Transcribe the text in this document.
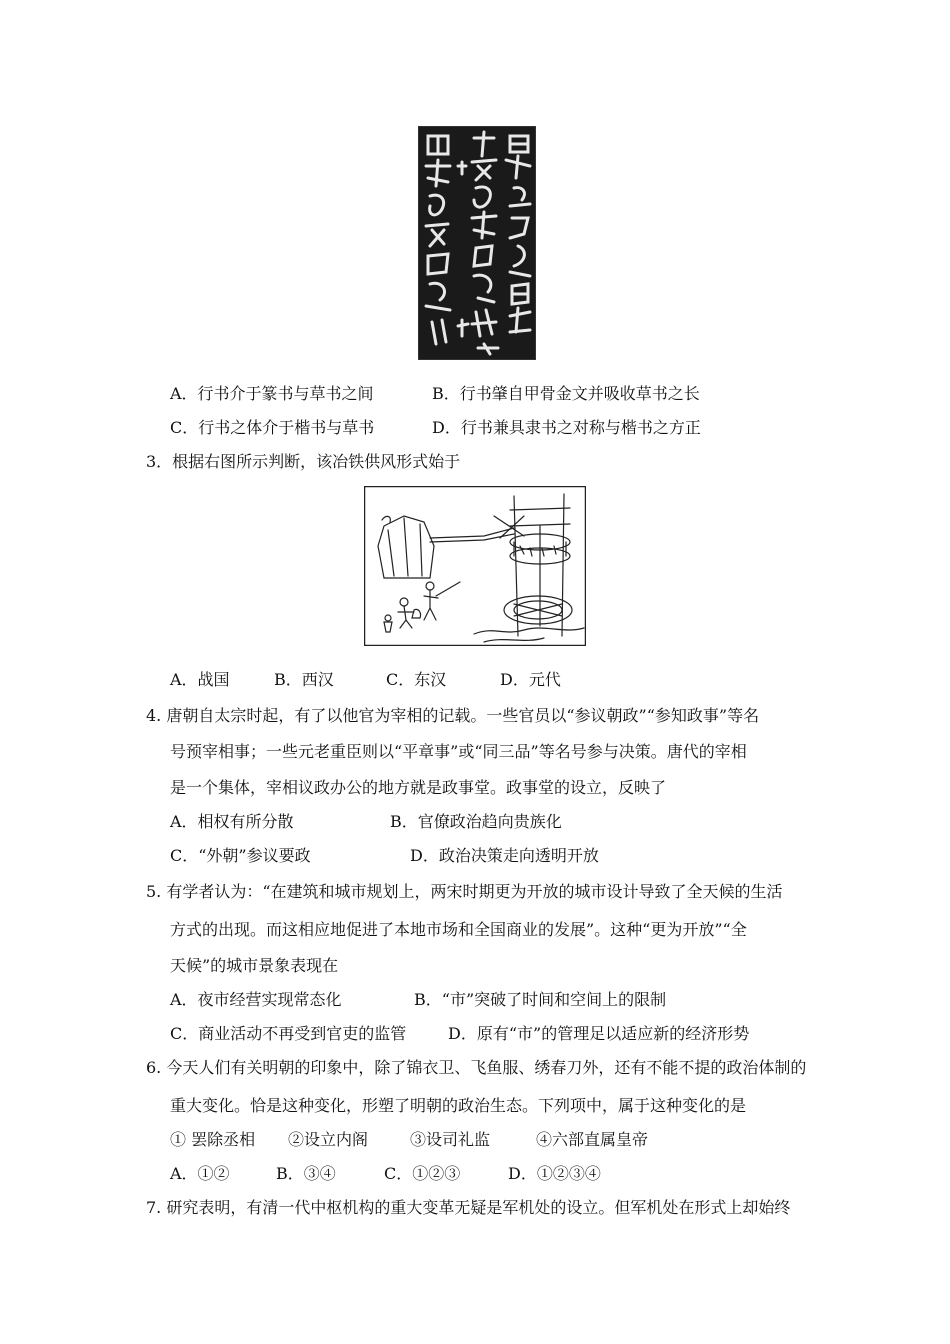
A．行书介于篆书与草书之间	B．行书肇自甲骨金文并吸收草书之长
C．行书之体介于楷书与草书	D．行书兼具隶书之对称与楷书之方正
3．根据右图所示判断，该冶铁供风形式始于
A．战国	B．西汉	C．东汉	D．元代
4. 唐朝自太宗时起，有了以他官为宰相的记载。一些官员以“参议朝政”“参知政事”等名
号预宰相事；一些元老重臣则以“平章事”或“同三品”等名号参与决策。唐代的宰相
是一个集体，宰相议政办公的地方就是政事堂。政事堂的设立，反映了
A．相权有所分散	B．官僚政治趋向贵族化
C．“外朝”参议要政	D．政治决策走向透明开放
5. 有学者认为：“在建筑和城市规划上，两宋时期更为开放的城市设计导致了全天候的生活
方式的出现。而这相应地促进了本地市场和全国商业的发展”。这种“更为开放”“全
天候”的城市景象表现在
A．夜市经营实现常态化	B．“市”突破了时间和空间上的限制
C．商业活动不再受到官吏的监管	D．原有“市”的管理足以适应新的经济形势
6. 今天人们有关明朝的印象中，除了锦衣卫、飞鱼服、绣春刀外，还有不能不提的政治体制的
重大变化。恰是这种变化，形塑了明朝的政治生态。下列项中，属于这种变化的是
① 罢除丞相 ②设立内阁	③设司礼监	④六部直属皇帝
A．①②	B．③④	C．①②③	D．①②③④
7. 研究表明，有清一代中枢机构的重大变革无疑是军机处的设立。但军机处在形式上却始终
